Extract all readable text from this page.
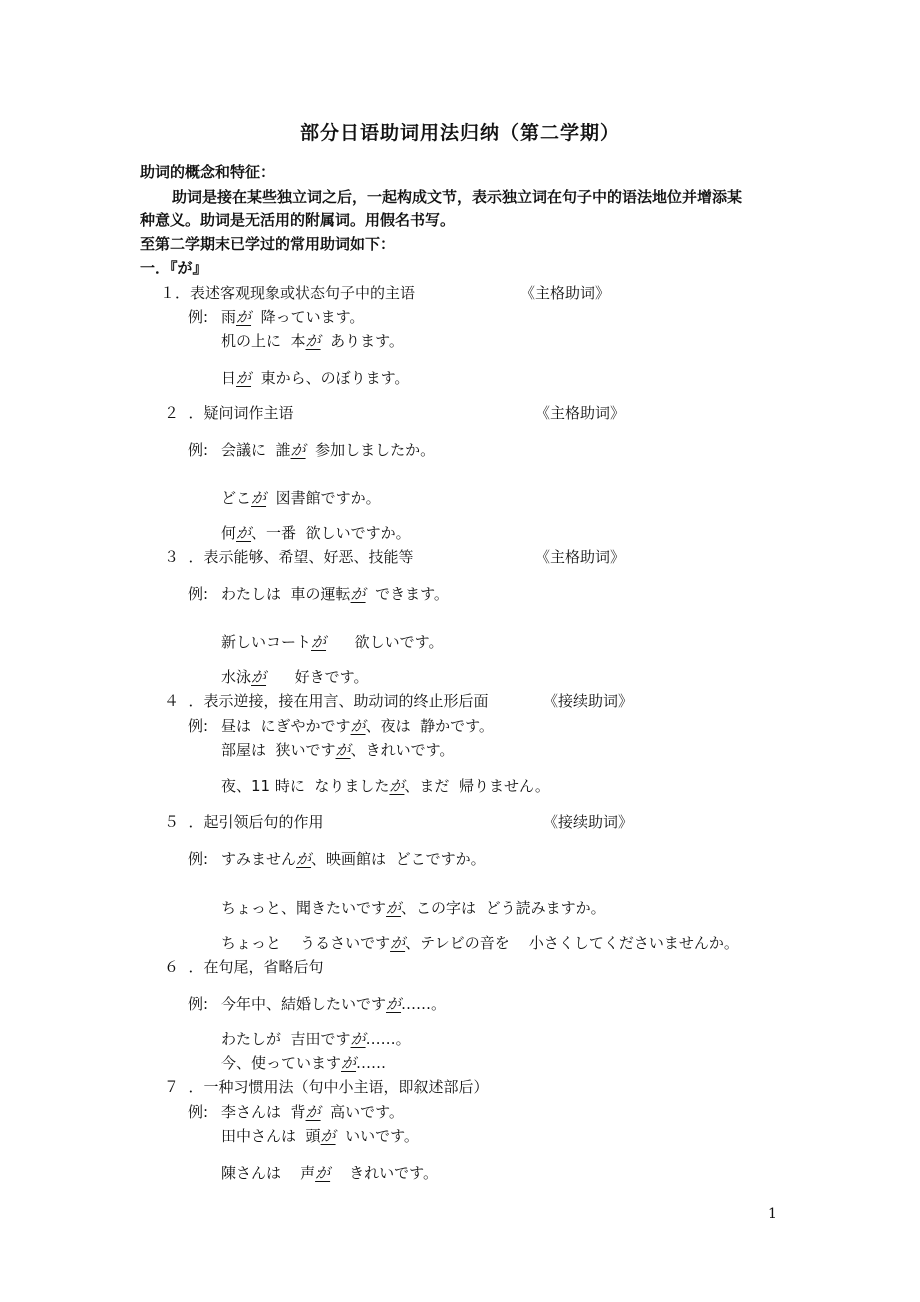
部分日语助词用法归纳（第二学期）
助词的概念和特征：
助词是接在某些独立词之后，一起构成文节，表示独立词在句子中的语法地位并增添某
种意义。助词是无活用的附属词。用假名书写。
至第二学期末已学过的常用助词如下：
一．『が』
１．表述客观现象或状态句子中的主语	《主格助词》
例: 雨が  降っています。
机の上に  本が  あります。
日が  東から、のぼります。
２  ．疑问词作主语	《主格助词》
例: 会議に  誰が  参加しましたか。
どこが  図書館ですか。
何が、一番  欲しいですか。
３  ．表示能够、希望、好恶、技能等	《主格助词》
例: わたしは  車の運転が  できます。
新しいコートが      欲しいです。
水泳が      好きです。
４  ．表示逆接，接在用言、助动词的终止形后面	《接续助词》
例: 昼は  にぎやかですが、夜は  静かです。
部屋は  狭いですが、きれいです。
夜、11 時に  なりましたが、まだ  帰りません。
５  ．起引领后句的作用	《接续助词》
例: すみませんが、映画館は  どこですか。
ちょっと、聞きたいですが、この字は  どう読みますか。
ちょっと    うるさいですが、テレビの音を    小さくしてくださいませんか。
６  ．在句尾，省略后句
例: 今年中、結婚したいですが……。
わたしが  吉田ですが……。
今、使っていますが……
７  ．一种习惯用法（句中小主语，即叙述部后）
例: 李さんは  背が  高いです。
田中さんは  頭が  いいです。
陳さんは    声が    きれいです。
1
